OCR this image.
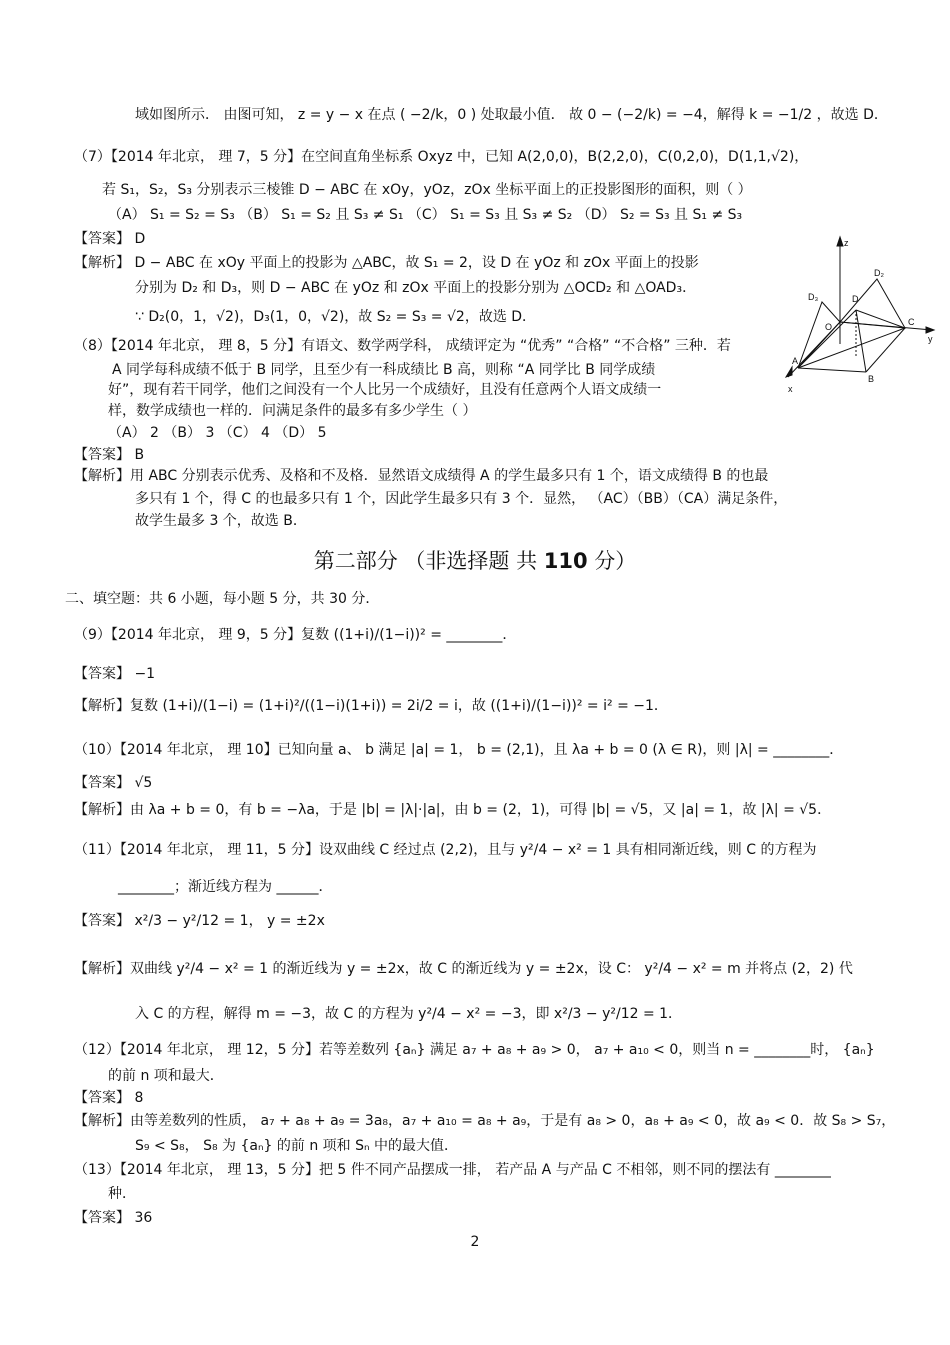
域如图所示． 由图可知， z = y − x 在点 ( −2/k，0 ) 处取最小值． 故 0 − (−2/k) = −4，解得 k = −1/2 ，故选 D．
（7）【2014 年北京， 理 7，5 分】在空间直角坐标系 Oxyz 中，已知 A(2,0,0)，B(2,2,0)，C(0,2,0)，D(1,1,√2)，
若 S₁，S₂，S₃ 分别表示三棱锥 D − ABC 在 xOy，yOz，zOx 坐标平面上的正投影图形的面积，则（ ）
（A） S₁ = S₂ = S₃ （B） S₁ = S₂ 且 S₃ ≠ S₁ （C） S₁ = S₃ 且 S₃ ≠ S₂ （D） S₂ = S₃ 且 S₁ ≠ S₃
【答案】 D
【解析】 D − ABC 在 xOy 平面上的投影为 △ABC，故 S₁ = 2，设 D 在 yOz 和 zOx 平面上的投影
分别为 D₂ 和 D₃，则 D − ABC 在 yOz 和 zOx 平面上的投影分别为 △OCD₂ 和 △OAD₃．
∵ D₂(0，1，√2)，D₃(1，0，√2)，故 S₂ = S₃ = √2，故选 D．
（8）【2014 年北京， 理 8，5 分】有语文、数学两学科， 成绩评定为 “优秀” “合格” “不合格” 三种．若
A 同学每科成绩不低于 B 同学，且至少有一科成绩比 B 高，则称 “A 同学比 B 同学成绩
好”，现有若干同学，他们之间没有一个人比另一个成绩好，且没有任意两个人语文成绩一
样，数学成绩也一样的．问满足条件的最多有多少学生（ ）
（A） 2 （B） 3 （C） 4 （D） 5
【答案】 B
【解析】用 ABC 分别表示优秀、及格和不及格．显然语文成绩得 A 的学生最多只有 1 个，语文成绩得 B 的也最
多只有 1 个，得 C 的也最多只有 1 个，因此学生最多只有 3 个．显然， （AC）（BB）（CA）满足条件，
故学生最多 3 个，故选 B．
二、填空题：共 6 小题，每小题 5 分，共 30 分．
（9）【2014 年北京， 理 9，5 分】复数 ((1+i)/(1−i))² = ________．
【答案】 −1
【解析】复数 (1+i)/(1−i) = (1+i)²/((1−i)(1+i)) = 2i/2 = i，故 ((1+i)/(1−i))² = i² = −1．
（10）【2014 年北京， 理 10】已知向量 a、 b 满足 |a| = 1， b = (2,1)，且 λa + b = 0 (λ ∈ R)，则 |λ| = ________．
【答案】 √5
【解析】由 λa + b = 0，有 b = −λa，于是 |b| = |λ|·|a|，由 b = (2，1)，可得 |b| = √5，又 |a| = 1，故 |λ| = √5．
（11）【2014 年北京， 理 11，5 分】设双曲线 C 经过点 (2,2)，且与 y²/4 − x² = 1 具有相同渐近线，则 C 的方程为
________；渐近线方程为 ______．
【答案】 x²/3 − y²/12 = 1， y = ±2x
【解析】双曲线 y²/4 − x² = 1 的渐近线为 y = ±2x，故 C 的渐近线为 y = ±2x，设 C： y²/4 − x² = m 并将点 (2，2) 代
入 C 的方程，解得 m = −3，故 C 的方程为 y²/4 − x² = −3，即 x²/3 − y²/12 = 1．
（12）【2014 年北京， 理 12，5 分】若等差数列 {aₙ} 满足 a₇ + a₈ + a₉ > 0， a₇ + a₁₀ < 0，则当 n = ________时， {aₙ}
的前 n 项和最大．
【答案】 8
【解析】由等差数列的性质， a₇ + a₈ + a₉ = 3a₈，a₇ + a₁₀ = a₈ + a₉，于是有 a₈ > 0，a₈ + a₉ < 0，故 a₉ < 0．故 S₈ > S₇，
S₉ < S₈， S₈ 为 {aₙ} 的前 n 项和 Sₙ 中的最大值．
（13）【2014 年北京， 理 13，5 分】把 5 件不同产品摆成一排， 若产品 A 与产品 C 不相邻，则不同的摆法有 ________
种．
【答案】 36
第二部分 （非选择题 共 110 分）
z
D₂
D₃	D
O	C
y
A
B
x
2
